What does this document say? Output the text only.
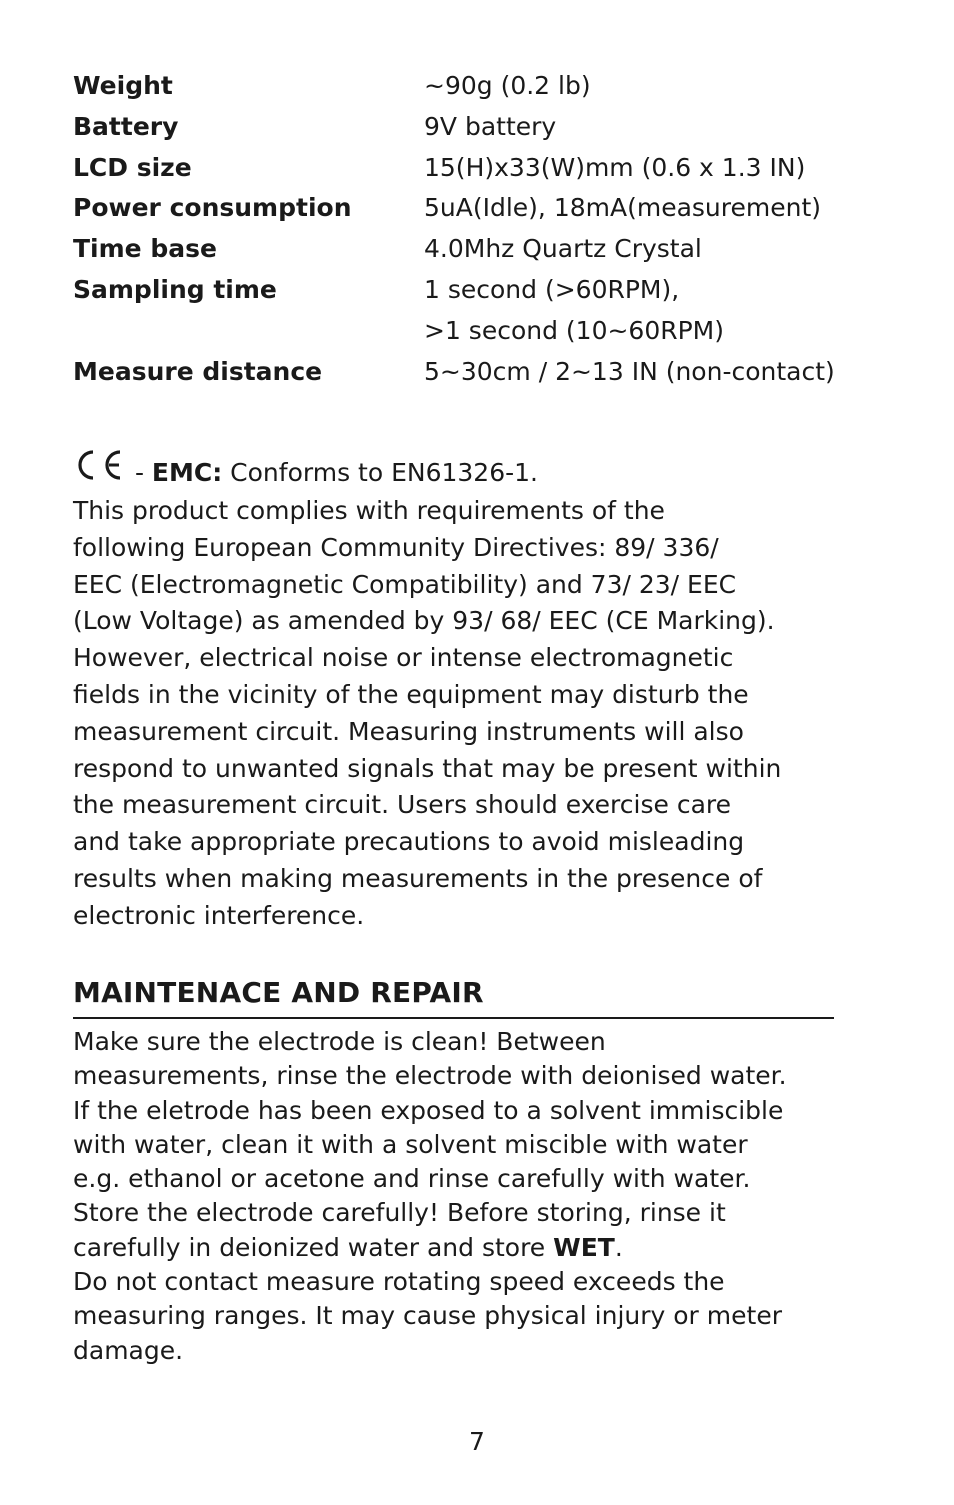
Weight	~90g (0.2 lb)
Battery	9V battery
LCD size	15(H)x33(W)mm (0.6 x 1.3 IN)
Power consumption	5uA(Idle), 18mA(measurement)
Time base	4.0Mhz Quartz Crystal
Sampling time	1 second (>60RPM),
>1 second (10~60RPM)
Measure distance	5~30cm / 2~13 IN (non-contact)
- EMC: Conforms to EN61326-1.
This product complies with requirements of the
following European Community Directives: 89/ 336/
EEC (Electromagnetic Compatibility) and 73/ 23/ EEC
(Low Voltage) as amended by 93/ 68/ EEC (CE Marking).
However, electrical noise or intense electromagnetic
fields in the vicinity of the equipment may disturb the
measurement circuit. Measuring instruments will also
respond to unwanted signals that may be present within
the measurement circuit. Users should exercise care
and take appropriate precautions to avoid misleading
results when making measurements in the presence of
electronic interference.
MAINTENACE AND REPAIR
Make sure the electrode is clean! Between
measurements, rinse the electrode with deionised water.
If the eletrode has been exposed to a solvent immiscible
with water, clean it with a solvent miscible with water
e.g. ethanol or acetone and rinse carefully with water.
Store the electrode carefully! Before storing, rinse it
carefully in deionized water and store WET.
Do not contact measure rotating speed exceeds the
measuring ranges. It may cause physical injury or meter
damage.
7
